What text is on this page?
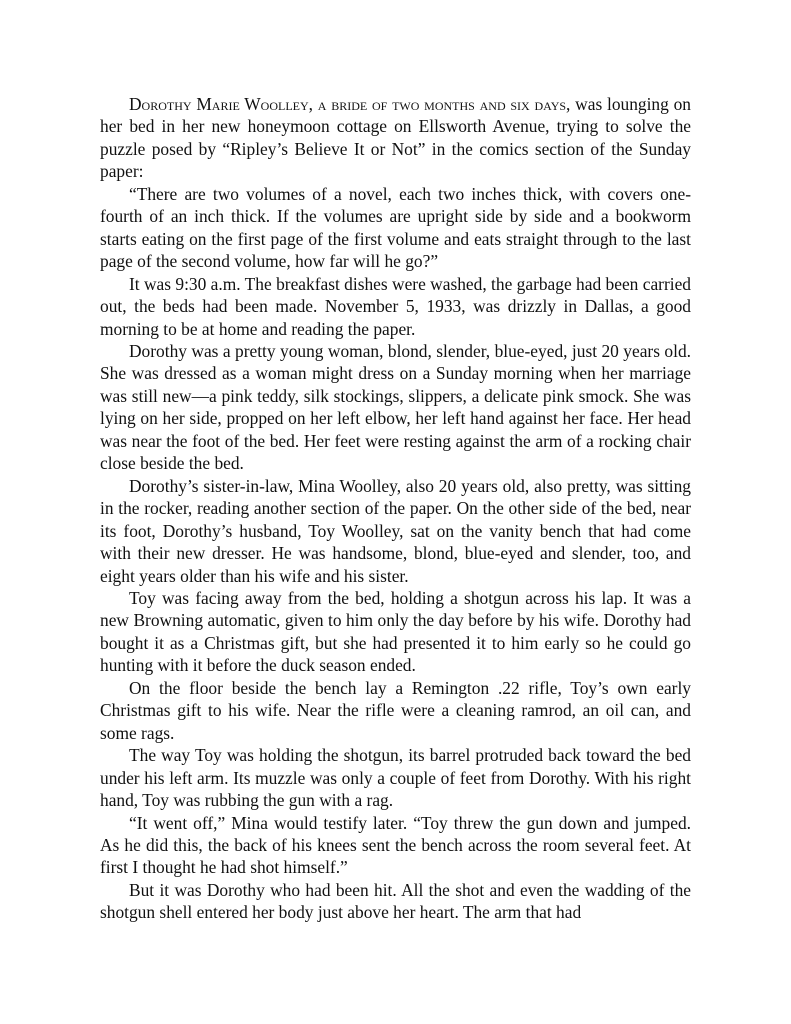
Dorothy Marie Woolley, a bride of two months and six days, was lounging on her bed in her new honeymoon cottage on Ellsworth Avenue, trying to solve the puzzle posed by “Ripley’s Believe It or Not” in the comics section of the Sunday paper:

“There are two volumes of a novel, each two inches thick, with covers one-fourth of an inch thick. If the volumes are upright side by side and a bookworm starts eating on the first page of the first volume and eats straight through to the last page of the second volume, how far will he go?”

It was 9:30 a.m. The breakfast dishes were washed, the garbage had been carried out, the beds had been made. November 5, 1933, was drizzly in Dallas, a good morning to be at home and reading the paper.

Dorothy was a pretty young woman, blond, slender, blue-eyed, just 20 years old. She was dressed as a woman might dress on a Sunday morning when her marriage was still new—a pink teddy, silk stockings, slippers, a delicate pink smock. She was lying on her side, propped on her left elbow, her left hand against her face. Her head was near the foot of the bed. Her feet were resting against the arm of a rocking chair close beside the bed.

Dorothy’s sister-in-law, Mina Woolley, also 20 years old, also pretty, was sitting in the rocker, reading another section of the paper. On the other side of the bed, near its foot, Dorothy’s husband, Toy Woolley, sat on the vanity bench that had come with their new dresser. He was handsome, blond, blue-eyed and slender, too, and eight years older than his wife and his sister.

Toy was facing away from the bed, holding a shotgun across his lap. It was a new Browning automatic, given to him only the day before by his wife. Dorothy had bought it as a Christmas gift, but she had presented it to him early so he could go hunting with it before the duck season ended.

On the floor beside the bench lay a Remington .22 rifle, Toy’s own early Christmas gift to his wife. Near the rifle were a cleaning ramrod, an oil can, and some rags.

The way Toy was holding the shotgun, its barrel protruded back toward the bed under his left arm. Its muzzle was only a couple of feet from Dorothy. With his right hand, Toy was rubbing the gun with a rag.

“It went off,” Mina would testify later. “Toy threw the gun down and jumped. As he did this, the back of his knees sent the bench across the room several feet. At first I thought he had shot himself.”

But it was Dorothy who had been hit. All the shot and even the wadding of the shotgun shell entered her body just above her heart. The arm that had
